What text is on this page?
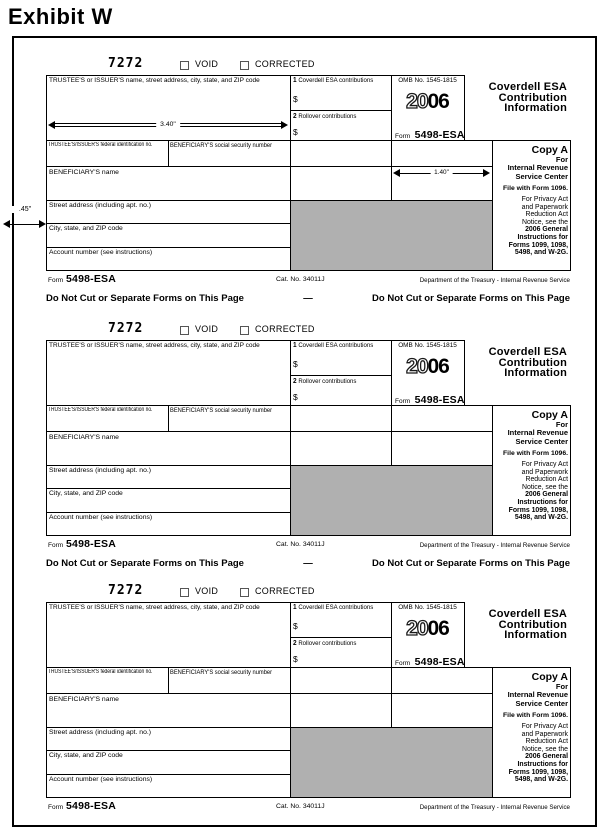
Exhibit W
7272	VOID	CORRECTED
TRUSTEE'S or ISSUER'S name, street address, city, state, and ZIP code	1 Coverdell ESA contributions
$
2 Rollover contributions
$
OMB No. 1545-1815
2006
Form 5498-ESA
Coverdell ESA
Contribution
Information
TRUSTEE'S/ISSUER'S federal identification no.	BENEFICIARY'S social security number
BENEFICIARY'S name
Street address (including apt. no.)
City, state, and ZIP code
Account number (see instructions)
Copy A
For
Internal Revenue
Service Center
File with Form 1096.
For Privacy Act
and Paperwork
Reduction Act
Notice, see the
2006 General
Instructions for
Forms 1099, 1098,
5498, and W-2G.
Form 5498-ESA	Cat. No. 34011J	Department of the Treasury - Internal Revenue Service
Do Not Cut or Separate Forms on This Page	—	Do Not Cut or Separate Forms on This Page
3.40"
1.40"
.45"
7272	VOID	CORRECTED
TRUSTEE'S or ISSUER'S name, street address, city, state, and ZIP code	1 Coverdell ESA contributions
$
2 Rollover contributions
$
OMB No. 1545-1815
2006
Form 5498-ESA
Coverdell ESA
Contribution
Information
TRUSTEE'S/ISSUER'S federal identification no.	BENEFICIARY'S social security number
BENEFICIARY'S name
Street address (including apt. no.)
City, state, and ZIP code
Account number (see instructions)
Copy A
For
Internal Revenue
Service Center
File with Form 1096.
For Privacy Act
and Paperwork
Reduction Act
Notice, see the
2006 General
Instructions for
Forms 1099, 1098,
5498, and W-2G.
Form 5498-ESA	Cat. No. 34011J	Department of the Treasury - Internal Revenue Service
Do Not Cut or Separate Forms on This Page	—	Do Not Cut or Separate Forms on This Page
7272	VOID	CORRECTED
TRUSTEE'S or ISSUER'S name, street address, city, state, and ZIP code	1 Coverdell ESA contributions
$
2 Rollover contributions
$
OMB No. 1545-1815
2006
Form 5498-ESA
Coverdell ESA
Contribution
Information
TRUSTEE'S/ISSUER'S federal identification no.	BENEFICIARY'S social security number
BENEFICIARY'S name
Street address (including apt. no.)
City, state, and ZIP code
Account number (see instructions)
Copy A
For
Internal Revenue
Service Center
File with Form 1096.
For Privacy Act
and Paperwork
Reduction Act
Notice, see the
2006 General
Instructions for
Forms 1099, 1098,
5498, and W-2G.
Form 5498-ESA	Cat. No. 34011J	Department of the Treasury - Internal Revenue Service
